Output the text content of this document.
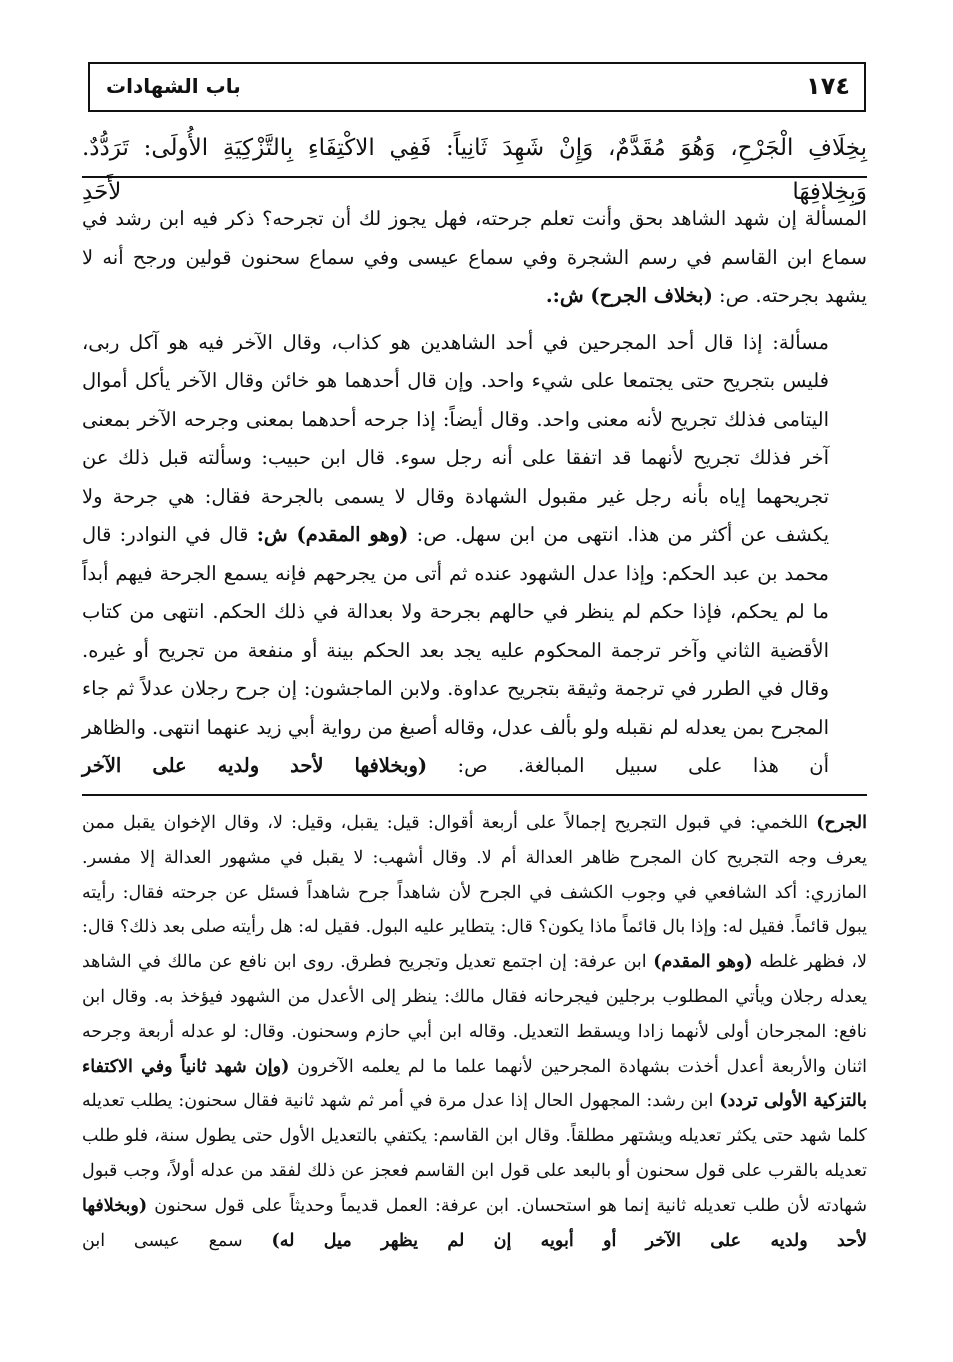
١٧٤
باب الشهادات
بِخِلَافِ الْجَرْحِ، وَهُوَ مُقَدَّمٌ، وَإِنْ شَهِدَ ثَانِياً: فَفِي الاكْتِفَاءِ بِالتَّزْكِيَةِ الأُولَى: تَرَدُّدٌ. وَبِخِلافِهَا لأَحَدِ

المسألة إن شهد الشاهد بحق وأنت تعلم جرحته، فهل يجوز لك أن تجرحه؟ ذكر فيه ابن رشد في سماع ابن القاسم في رسم الشجرة وفي سماع عيسى وفي سماع سحنون قولين ورجح أنه لا يشهد بجرحته. ص: (بخلاف الجرح) ش:.

مسألة: إذا قال أحد المجرحين في أحد الشاهدين هو كذاب، وقال الآخر فيه هو آكل ربى، فليس بتجريح حتى يجتمعا على شيء واحد. وإن قال أحدهما هو خائن وقال الآخر يأكل أموال اليتامى فذلك تجريح لأنه معنى واحد. وقال أيضاً: إذا جرحه أحدهما بمعنى وجرحه الآخر بمعنى آخر فذلك تجريح لأنهما قد اتفقا على أنه رجل سوء. قال ابن حبيب: وسألته قبل ذلك عن تجريحهما إياه بأنه رجل غير مقبول الشهادة وقال لا يسمى بالجرحة فقال: هي جرحة ولا يكشف عن أكثر من هذا. انتهى من ابن سهل. ص: (وهو المقدم) ش: قال في النوادر: قال محمد بن عبد الحكم: وإذا عدل الشهود عنده ثم أتى من يجرحهم فإنه يسمع الجرحة فيهم أبداً ما لم يحكم، فإذا حكم لم ينظر في حالهم بجرحة ولا بعدالة في ذلك الحكم. انتهى من كتاب الأقضية الثاني وآخر ترجمة المحكوم عليه يجد بعد الحكم بينة أو منفعة من تجريح أو غيره. وقال في الطرر في ترجمة وثيقة بتجريح عداوة. ولابن الماجشون: إن جرح رجلان عدلاً ثم جاء المجرح بمن يعدله لم نقبله ولو بألف عدل، وقاله أصبغ من رواية أبي زيد عنهما انتهى. والظاهر أن هذا على سبيل المبالغة. ص: (وبخلافها لأحد ولديه على الآخر

الجرح) اللخمي: في قبول التجريح إجمالاً على أربعة أقوال: قيل: يقبل، وقيل: لا، وقال الإخوان يقبل ممن يعرف وجه التجريح كان المجرح ظاهر العدالة أم لا. وقال أشهب: لا يقبل في مشهور العدالة إلا مفسر. المازري: أكد الشافعي في وجوب الكشف في الجرح لأن شاهداً جرح شاهداً فسئل عن جرحته فقال: رأيته يبول قائماً. فقيل له: وإذا بال قائماً ماذا يكون؟ قال: يتطاير عليه البول. فقيل له: هل رأيته صلى بعد ذلك؟ قال: لا، فظهر غلطه (وهو المقدم) ابن عرفة: إن اجتمع تعديل وتجريح فطرق. روى ابن نافع عن مالك في الشاهد يعدله رجلان ويأتي المطلوب برجلين فيجرحانه فقال مالك: ينظر إلى الأعدل من الشهود فيؤخذ به. وقال ابن نافع: المجرحان أولى لأنهما زادا ويسقط التعديل. وقاله ابن أبي حازم وسحنون. وقال: لو عدله أربعة وجرحه اثنان والأربعة أعدل أخذت بشهادة المجرحين لأنهما علما ما لم يعلمه الآخرون (وإن شهد ثانياً وفي الاكتفاء بالتزكية الأولى تردد) ابن رشد: المجهول الحال إذا عدل مرة في أمر ثم شهد ثانية فقال سحنون: يطلب تعديله كلما شهد حتى يكثر تعديله ويشتهر مطلقاً. وقال ابن القاسم: يكتفي بالتعديل الأول حتى يطول سنة، فلو طلب تعديله بالقرب على قول سحنون أو بالبعد على قول ابن القاسم فعجز عن ذلك لفقد من عدله أولاً، وجب قبول شهادته لأن طلب تعديله ثانية إنما هو استحسان. ابن عرفة: العمل قديماً وحديثاً على قول سحنون (وبخلافها لأحد ولديه على الآخر أو أبويه إن لم يظهر ميل له) سمع عيسى ابن
